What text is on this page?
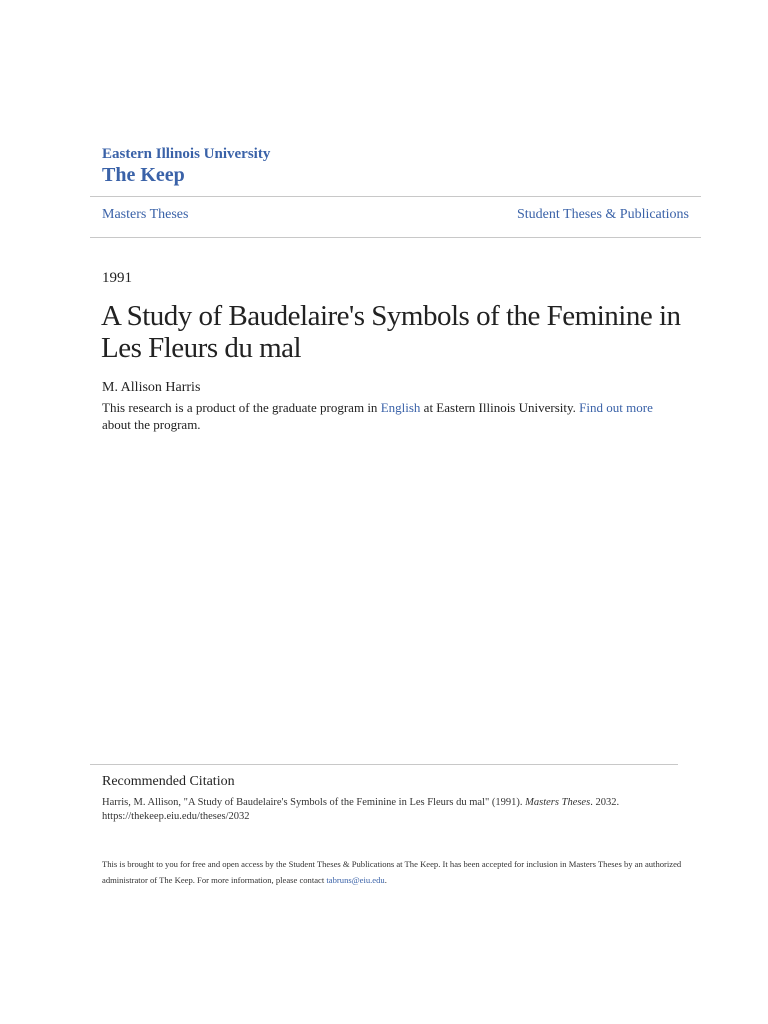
Eastern Illinois University
The Keep
Masters Theses	Student Theses & Publications
1991
A Study of Baudelaire's Symbols of the Feminine in Les Fleurs du mal
M. Allison Harris
This research is a product of the graduate program in English at Eastern Illinois University. Find out more about the program.
Recommended Citation
Harris, M. Allison, "A Study of Baudelaire's Symbols of the Feminine in Les Fleurs du mal" (1991). Masters Theses. 2032.
https://thekeep.eiu.edu/theses/2032
This is brought to you for free and open access by the Student Theses & Publications at The Keep. It has been accepted for inclusion in Masters Theses by an authorized administrator of The Keep. For more information, please contact tabruns@eiu.edu.
